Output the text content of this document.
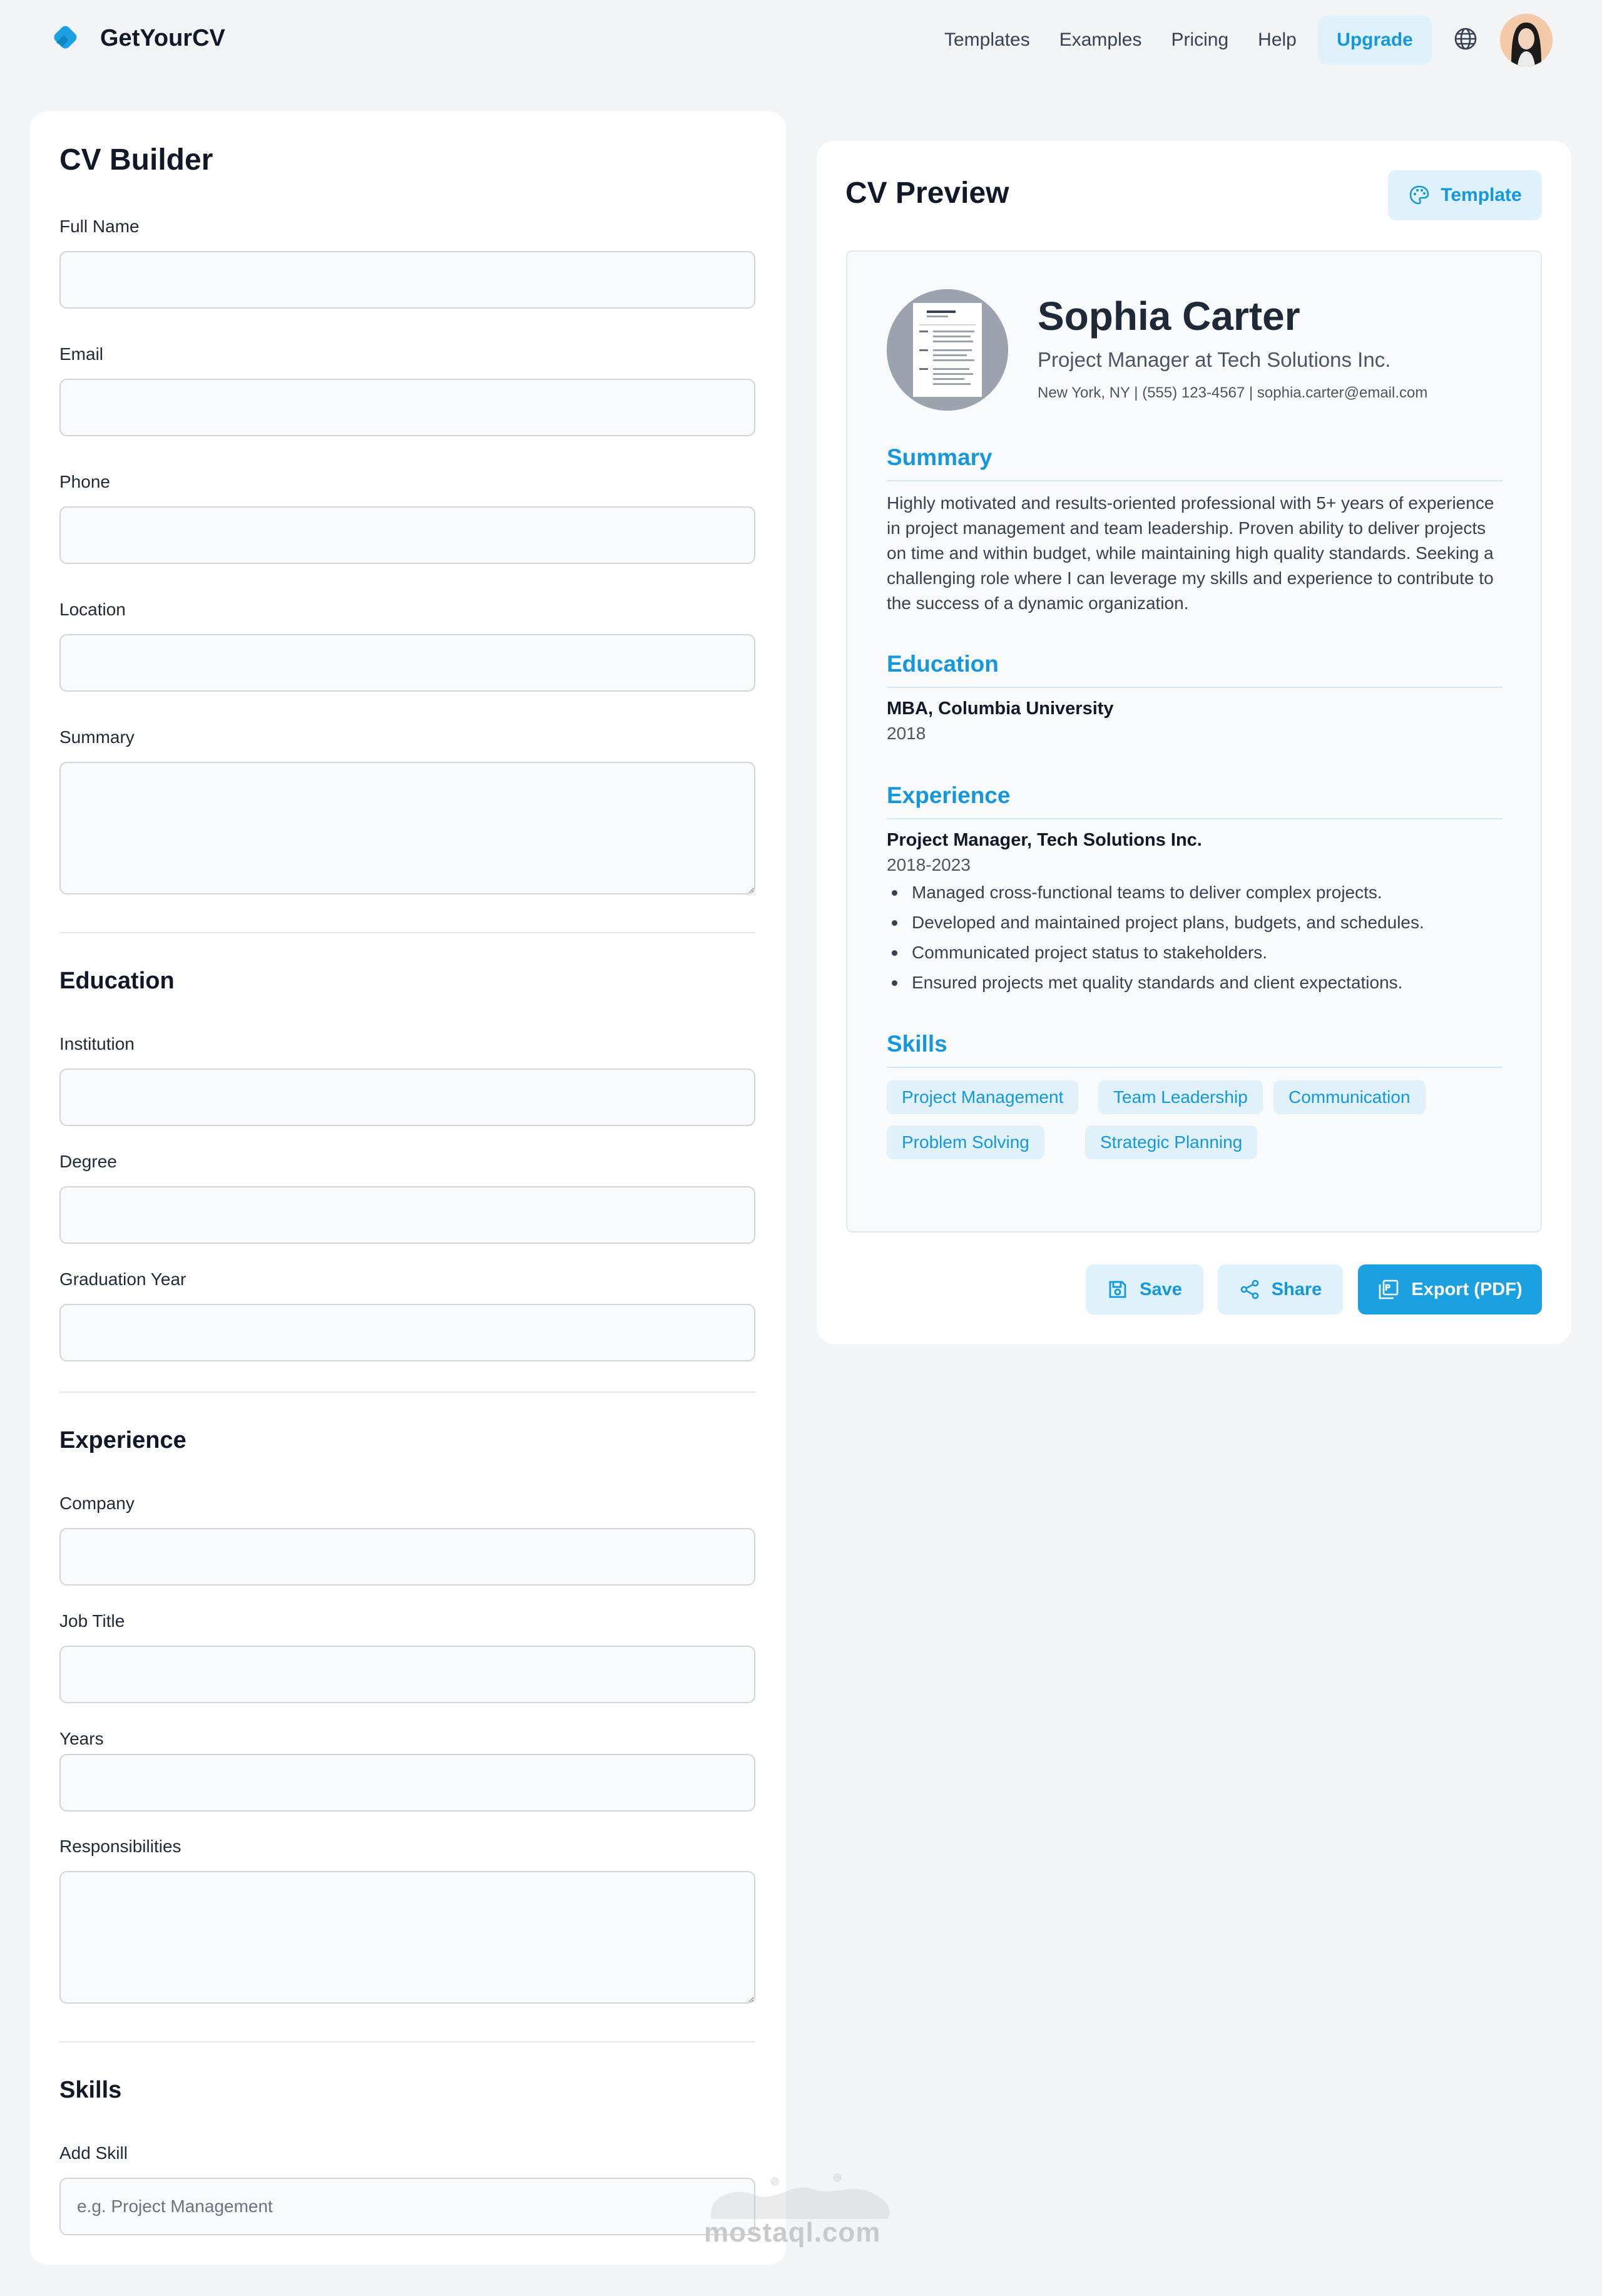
GetYourCV	Templates Examples Pricing Help	Upgrade
CV Builder
Full Name
Email
Phone
Location
Summary
Education
Institution
Degree
Graduation Year
Experience
Company
Job Title
Years
Responsibilities
Skills
Add Skill
e.g. Project Management
CV Preview	Template
Sophia Carter
Project Manager at Tech Solutions Inc.
New York, NY | (555) 123-4567 | sophia.carter@email.com
Summary

Highly motivated and results-oriented professional with 5+ years of experience in project management and team leadership. Proven ability to deliver projects on time and within budget, while maintaining high quality standards. Seeking a challenging role where I can leverage my skills and experience to contribute to the success of a dynamic organization.

Education
MBA, Columbia University
2018
Experience
Project Manager, Tech Solutions Inc.
2018-2023
Managed cross-functional teams to deliver complex projects.
Developed and maintained project plans, budgets, and schedules.
Communicated project status to stakeholders.
Ensured projects met quality standards and client expectations.
Skills
Project Management	Team Leadership	Communication
Problem Solving	Strategic Planning
Save	Share	Export (PDF)
mostaql.com
